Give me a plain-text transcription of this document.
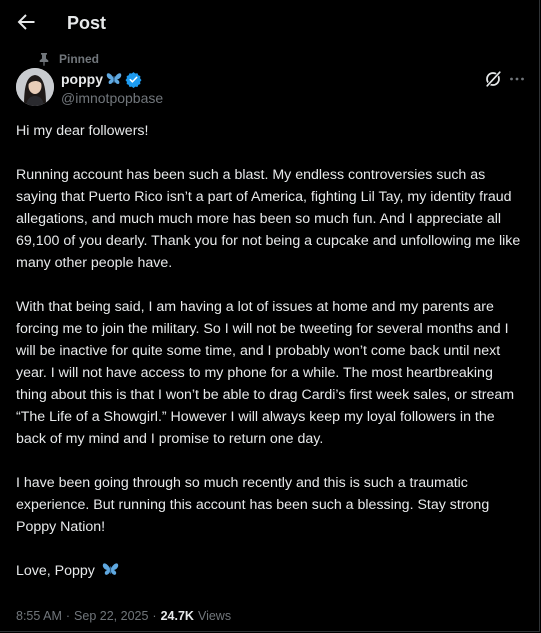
Post
Pinned
poppy
@imnotpopbase

Hi my dear followers!

Running account has been such a blast. My endless controversies such as saying that Puerto Rico isn’t a part of America, fighting Lil Tay, my identity fraud allegations, and much much more has been so much fun. And I appreciate all 69,100 of you dearly. Thank you for not being a cupcake and unfollowing me like many other people have.

With that being said, I am having a lot of issues at home and my parents are forcing me to join the military. So I will not be tweeting for several months and I will be inactive for quite some time, and I probably won’t come back until next year. I will not have access to my phone for a while. The most heartbreaking thing about this is that I won’t be able to drag Cardi’s first week sales, or stream “The Life of a Showgirl.” However I will always keep my loyal followers in the back of my mind and I promise to return one day.

I have been going through so much recently and this is such a traumatic experience. But running this account has been such a blessing. Stay strong Poppy Nation!

Love, Poppy

8:55 AM · Sep 22, 2025 · 24.7K Views
